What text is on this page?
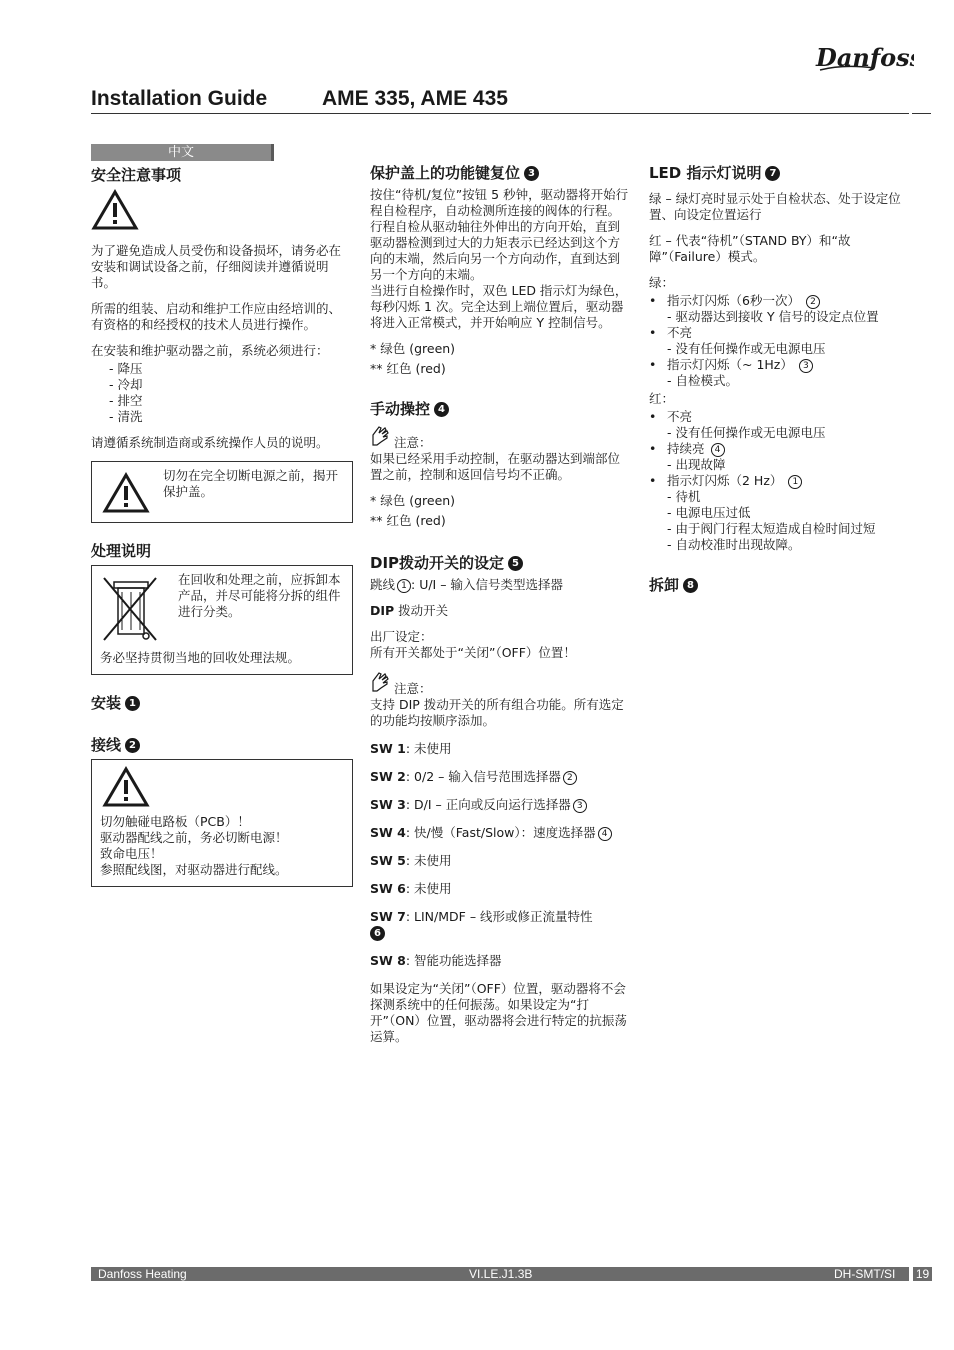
Danfoss
Installation Guide	AME 335, AME 435
中文
安全注意事项

为了避免造成人员受伤和设备损坏，请务必在安装和调试设备之前，仔细阅读并遵循说明书。

所需的组装、启动和维护工作应由经培训的、有资格的和经授权的技术人员进行操作。

在安装和维护驱动器之前，系统必须进行：

- 降压
- 冷却
- 排空
- 清洗

请遵循系统制造商或系统操作人员的说明。

切勿在完全切断电源之前，揭开保护盖。
处理说明
在回收和处理之前，应拆卸本产品，并尽可能将分拆的组件进行分类。
务必坚持贯彻当地的回收处理法规。
安装 1
接线 2
切勿触碰电路板（PCB）！
驱动器配线之前，务必切断电源！
致命电压！
参照配线图，对驱动器进行配线。
保护盖上的功能键复位 3
按住“待机/复位”按钮 5 秒钟，驱动器将开始行程自检程序，自动检测所连接的阀体的行程。行程自检从驱动轴往外伸出的方向开始，直到驱动器检测到过大的力矩表示已经达到这个方向的末端，然后向另一个方向动作，直到达到另一个方向的末端。

当进行自检操作时，双色 LED 指示灯为绿色，每秒闪烁 1 次。完全达到上端位置后，驱动器将进入正常模式，并开始响应 Y 控制信号。

* 绿色 (green)
** 红色 (red)
手动操控 4
注意：

如果已经采用手动控制，在驱动器达到端部位置之前，控制和返回信号均不正确。

* 绿色 (green)
** 红色 (red)
DIP拨动开关的设定 5

跳线 1 : U/I – 输入信号类型选择器

DIP 拨动开关

出厂设定：

所有开关都处于“关闭”（OFF）位置！

注意：

支持 DIP 拨动开关的所有组合功能。所有选定的功能均按顺序添加。

SW 1: 未使用

SW 2: 0/2 – 输入信号范围选择器 2

SW 3: D/I – 正向或反向运行选择器 3

SW 4: 快/慢（Fast/Slow）：速度选择器 4

SW 5: 未使用

SW 6: 未使用

SW 7: LIN/MDF – 线形或修正流量特性
6

SW 8: 智能功能选择器

如果设定为“关闭”（OFF）位置，驱动器将不会探测系统中的任何振荡。如果设定为“打开”（ON）位置，驱动器将会进行特定的抗振荡运算。

LED 指示灯说明 7

绿 – 绿灯亮时显示处于自检状态、处于设定位置、向设定位置运行

红 – 代表“待机”（STAND BY）和“故障”（Failure）模式。

绿：
• 指示灯闪烁（6秒一次） 2
- 驱动器达到接收 Y 信号的设定点位置
• 不亮
- 没有任何操作或无电源电压
• 指示灯闪烁（~ 1Hz） 3
- 自检模式。
红：
• 不亮
- 没有任何操作或无电源电压
• 持续亮 4
- 出现故障
• 指示灯闪烁（2 Hz） 1
- 待机
- 电源电压过低
- 由于阀门行程太短造成自检时间过短
- 自动校准时出现故障。
拆卸 8
Danfoss Heating	VI.LE.J1.3B	DH-SMT/SI 19
